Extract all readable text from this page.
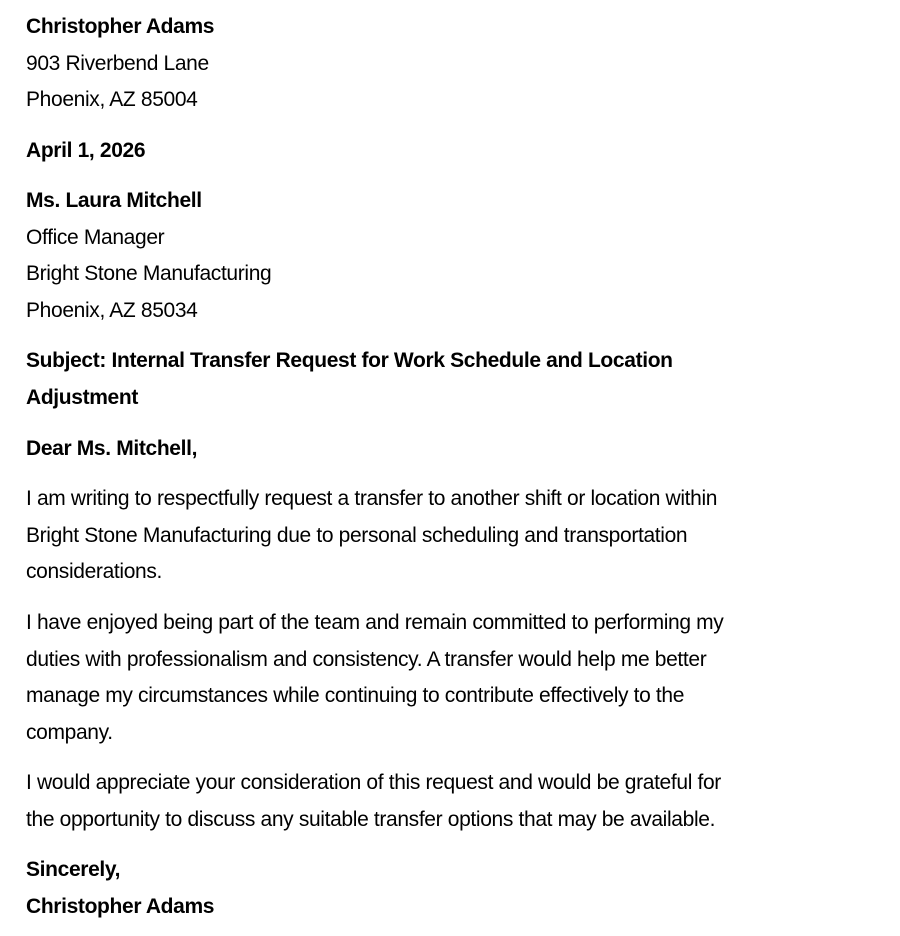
Christopher Adams
903 Riverbend Lane
Phoenix, AZ 85004
April 1, 2026
Ms. Laura Mitchell
Office Manager
Bright Stone Manufacturing
Phoenix, AZ 85034
Subject: Internal Transfer Request for Work Schedule and Location
Adjustment
Dear Ms. Mitchell,
I am writing to respectfully request a transfer to another shift or location within
Bright Stone Manufacturing due to personal scheduling and transportation
considerations.
I have enjoyed being part of the team and remain committed to performing my
duties with professionalism and consistency. A transfer would help me better
manage my circumstances while continuing to contribute effectively to the
company.
I would appreciate your consideration of this request and would be grateful for
the opportunity to discuss any suitable transfer options that may be available.
Sincerely,
Christopher Adams
